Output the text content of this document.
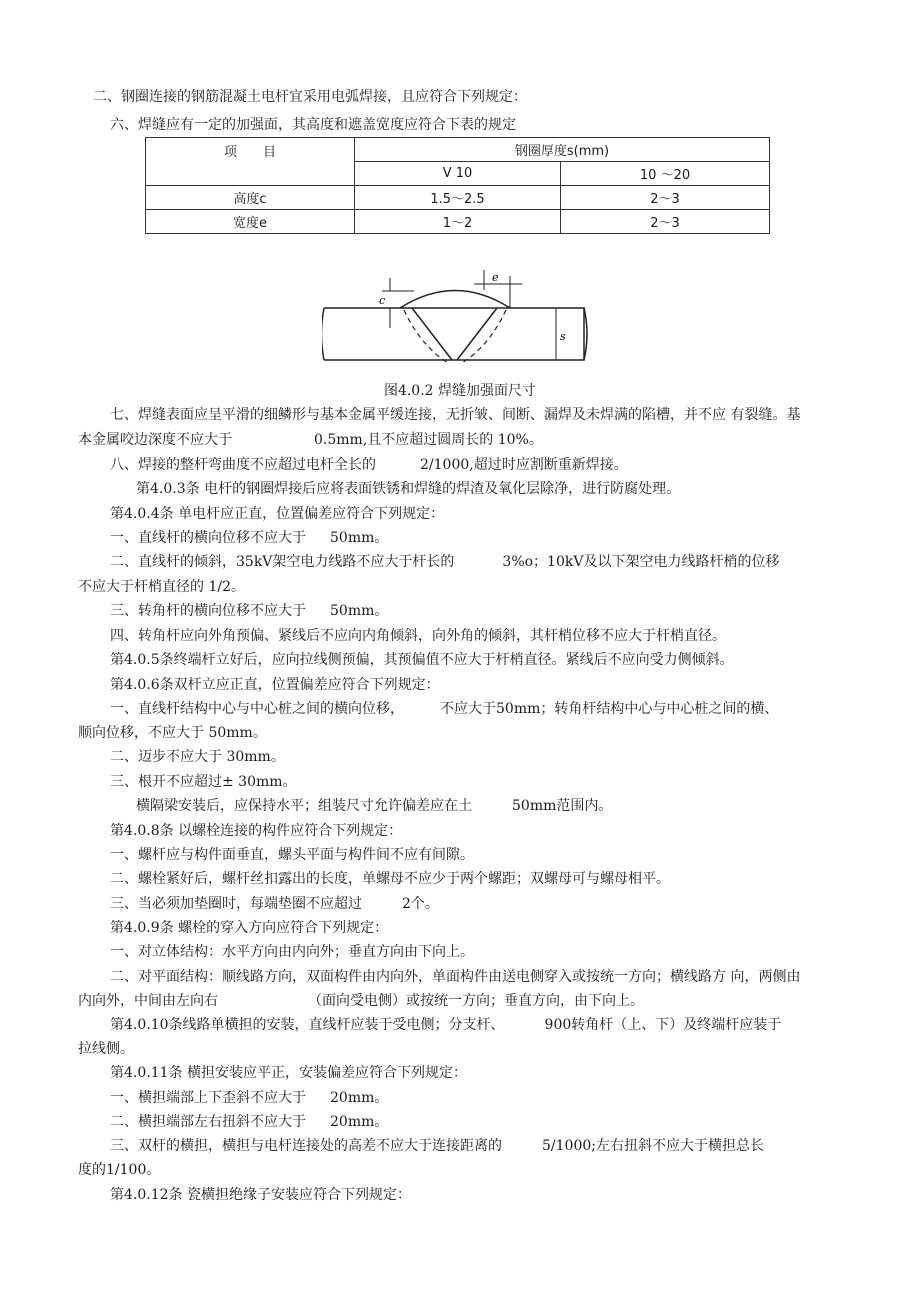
二、钢圈连接的钢筋混凝土电杆宜采用电弧焊接，且应符合下列规定：
六、焊缝应有一定的加强面，其高度和遮盖宽度应符合下表的规定
项　　目	钢圈厚度s(mm)	
	V 10	10 ～20
高度c	1.5～2.5	2～3
宽度e	1～2	2～3
c
e
s
图4.0.2 焊缝加强面尺寸
七、焊缝表面应呈平滑的细鳞形与基本金属平缓连接，无折皱、间断、漏焊及未焊满的陷槽，并不应 有裂缝。基
本金属咬边深度不应大于	0.5mm,且不应超过圆周长的 10%。
八、焊接的整杆弯曲度不应超过电杆全长的	2/1000,超过时应割断重新焊接。
第4.0.3条 电杆的钢圈焊接后应将表面铁锈和焊缝的焊渣及氧化层除净，进行防腐处理。
第4.0.4条 单电杆应正直，位置偏差应符合下列规定：
一、直线杆的横向位移不应大于 50mm。
二、直线杆的倾斜，35kV架空电力线路不应大于杆长的	3%o；10kV及以下架空电力线路杆梢的位移
不应大于杆梢直径的 1/2。
三、转角杆的横向位移不应大于 50mm。
四、转角杆应向外角预偏、紧线后不应向内角倾斜，向外角的倾斜，其杆梢位移不应大于杆梢直径。
第4.0.5条终端杆立好后，应向拉线侧预偏，其预偏值不应大于杆梢直径。紧线后不应向受力侧倾斜。
第4.0.6条双杆立应正直，位置偏差应符合下列规定：
一、直线杆结构中心与中心桩之间的横向位移，	不应大于50mm；转角杆结构中心与中心桩之间的横、
顺向位移，不应大于 50mm。
二、迈步不应大于 30mm。
三、根开不应超过± 30mm。
横隔梁安装后，应保持水平；组装尺寸允许偏差应在土	50mm范围内。
第4.0.8条 以螺栓连接的构件应符合下列规定：
一、螺杆应与构件面垂直，螺头平面与构件间不应有间隙。
二、螺栓紧好后，螺杆丝扣露出的长度，单螺母不应少于两个螺距；双螺母可与螺母相平。
三、当必须加垫圈时，每端垫圈不应超过	2个。
第4.0.9条 螺栓的穿入方向应符合下列规定：
一、对立体结构：水平方向由内向外；垂直方向由下向上。
二、对平面结构：顺线路方向，双面构件由内向外，单面构件由送电侧穿入或按统一方向；横线路方 向，两侧由
内向外，中间由左向右	（面向受电侧）或按统一方向；垂直方向，由下向上。
第4.0.10条线路单横担的安装，直线杆应装于受电侧；分支杆、	900转角杆（上、下）及终端杆应装于
拉线侧。
第4.0.11条 横担安装应平正，安装偏差应符合下列规定：
一、横担端部上下歪斜不应大于 20mm。
二、横担端部左右扭斜不应大于 20mm。
三、双杆的横担，横担与电杆连接处的高差不应大于连接距离的	5/1000;左右扭斜不应大于横担总长
度的1/100。
第4.0.12条 瓷横担绝缘子安装应符合下列规定：
